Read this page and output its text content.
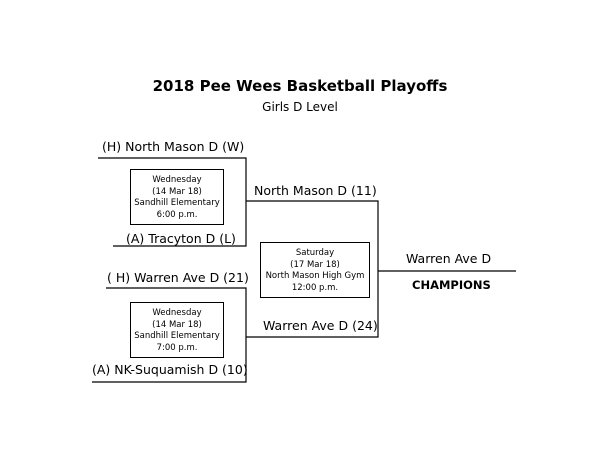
2018 Pee Wees Basketball Playoffs
Girls D Level
(H) North Mason D (W)
(A) Tracyton D (L)
Wednesday
(14 Mar 18)
Sandhill Elementary
6:00 p.m.
( H) Warren Ave D (21)
(A) NK-Suquamish D (10)
Wednesday
(14 Mar 18)
Sandhill Elementary
7:00 p.m.
North Mason D (11)
Warren Ave D (24)
Saturday
(17 Mar 18)
North Mason High Gym
12:00 p.m.
Warren Ave D
CHAMPIONS
